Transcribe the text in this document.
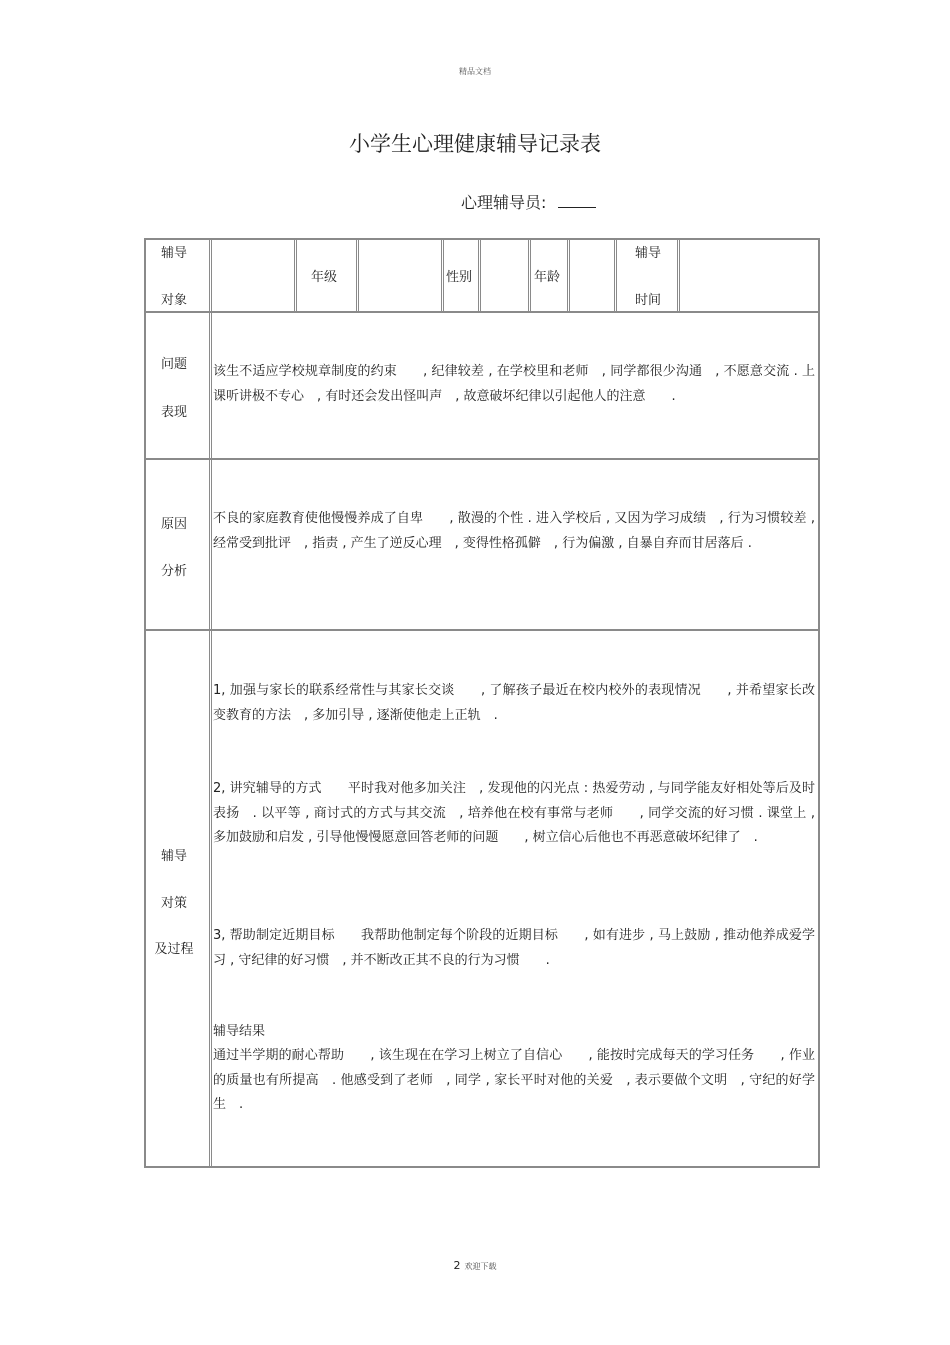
精品文档
小学生心理健康辅导记录表
心理辅导员:
辅导
对象
年级	性别	年龄
辅导
时间
问题
表现
该生不适应学校规章制度的约束　　, 纪律较差 , 在学校里和老师　, 同学都很少沟通　, 不愿意交流 . 上课听讲极不专心　, 有时还会发出怪叫声　, 故意破坏纪律以引起他人的注意　　.
原因
分析
不良的家庭教育使他慢慢养成了自卑　　, 散漫的个性 . 进入学校后 , 又因为学习成绩　, 行为习惯较差 , 经常受到批评　, 指责 , 产生了逆反心理　, 变得性格孤僻　, 行为偏激 , 自暴自弃而甘居落后 .
辅导
对策
及过程
1, 加强与家长的联系经常性与其家长交谈　　, 了解孩子最近在校内校外的表现情况　　, 并希望家长改变教育的方法　, 多加引导 , 逐渐使他走上正轨　.
2, 讲究辅导的方式　　平时我对他多加关注　, 发现他的闪光点 : 热爱劳动 , 与同学能友好相处等后及时表扬　. 以平等 , 商讨式的方式与其交流　, 培养他在校有事常与老师　　, 同学交流的好习惯 . 课堂上 , 多加鼓励和启发 , 引导他慢慢愿意回答老师的问题　　, 树立信心后他也不再恶意破坏纪律了　.
3, 帮助制定近期目标　　我帮助他制定每个阶段的近期目标　　, 如有进步 , 马上鼓励 , 推动他养成爱学习 , 守纪律的好习惯　, 并不断改正其不良的行为习惯　　.
辅导结果
通过半学期的耐心帮助　　, 该生现在在学习上树立了自信心　　, 能按时完成每天的学习任务　　, 作业的质量也有所提高　. 他感受到了老师　, 同学 , 家长平时对他的关爱　, 表示要做个文明　, 守纪的好学生　.
2 欢迎下载
